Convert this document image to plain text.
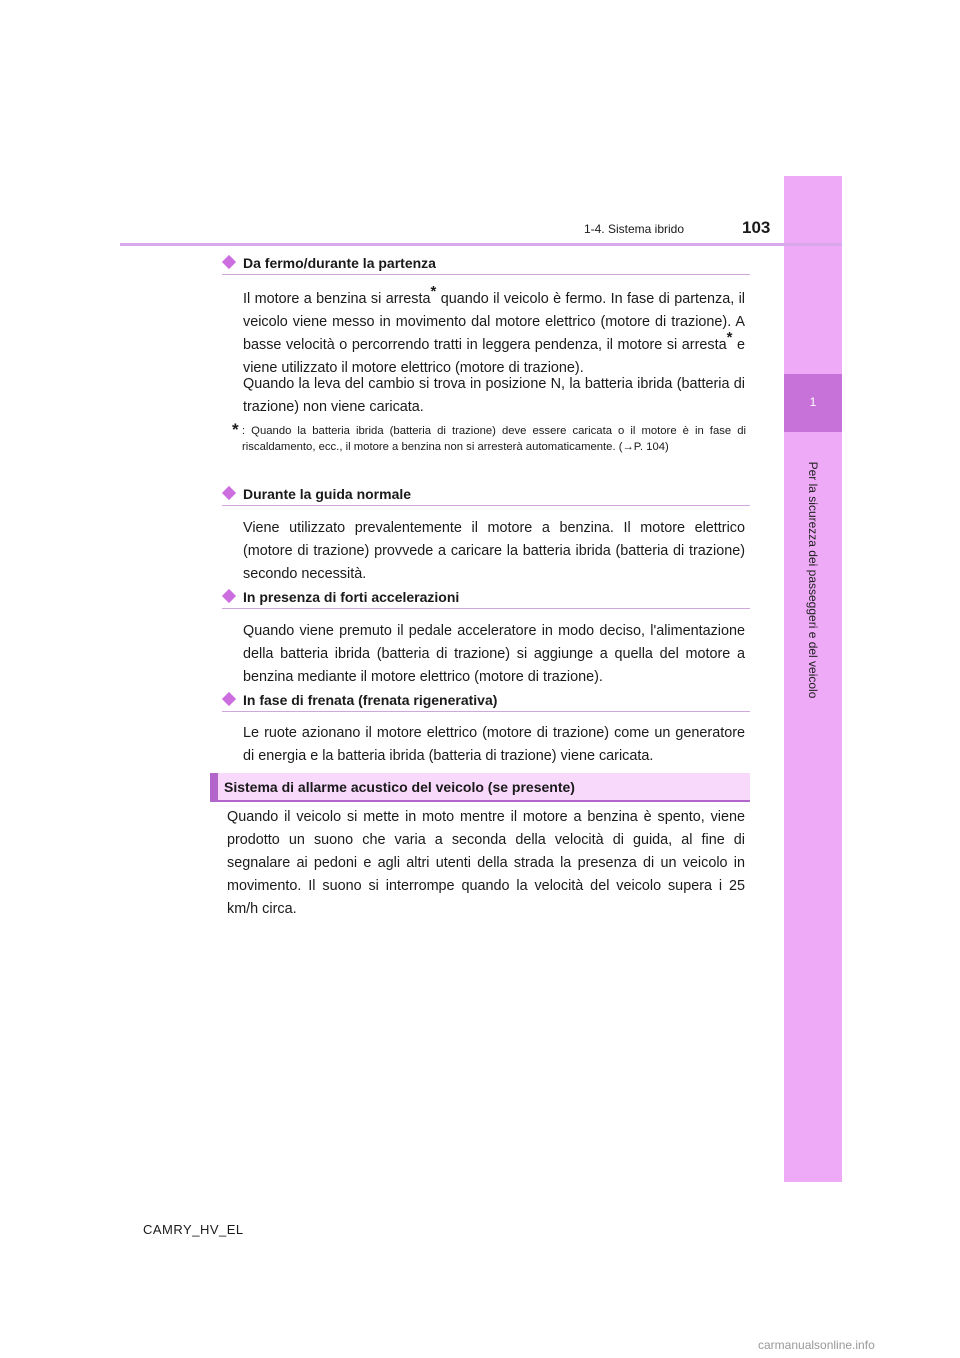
1
Per la sicurezza dei passeggeri e del veicolo
1-4. Sistema ibrido	103
Da fermo/durante la partenza
Il motore a benzina si arresta* quando il veicolo è fermo. In fase di partenza, il veicolo viene messo in movimento dal motore elettrico (motore di trazione). A basse velocità o percorrendo tratti in leggera pendenza, il motore si arresta* e viene utilizzato il motore elettrico (motore di trazione).
Quando la leva del cambio si trova in posizione N, la batteria ibrida (batteria di trazione) non viene caricata.
* : Quando la batteria ibrida (batteria di trazione) deve essere caricata o il motore è in fase di riscaldamento, ecc., il motore a benzina non si arresterà automaticamente. (→P. 104)
Durante la guida normale
Viene utilizzato prevalentemente il motore a benzina. Il motore elettrico (motore di trazione) provvede a caricare la batteria ibrida (batteria di trazione) secondo necessità.
In presenza di forti accelerazioni
Quando viene premuto il pedale acceleratore in modo deciso, l'alimentazione della batteria ibrida (batteria di trazione) si aggiunge a quella del motore a benzina mediante il motore elettrico (motore di trazione).
In fase di frenata (frenata rigenerativa)
Le ruote azionano il motore elettrico (motore di trazione) come un generatore di energia e la batteria ibrida (batteria di trazione) viene caricata.
Sistema di allarme acustico del veicolo (se presente)
Quando il veicolo si mette in moto mentre il motore a benzina è spento, viene prodotto un suono che varia a seconda della velocità di guida, al fine di segnalare ai pedoni e agli altri utenti della strada la presenza di un veicolo in movimento. Il suono si interrompe quando la velocità del veicolo supera i 25 km/h circa.
CAMRY_HV_EL
carmanualsonline.info
